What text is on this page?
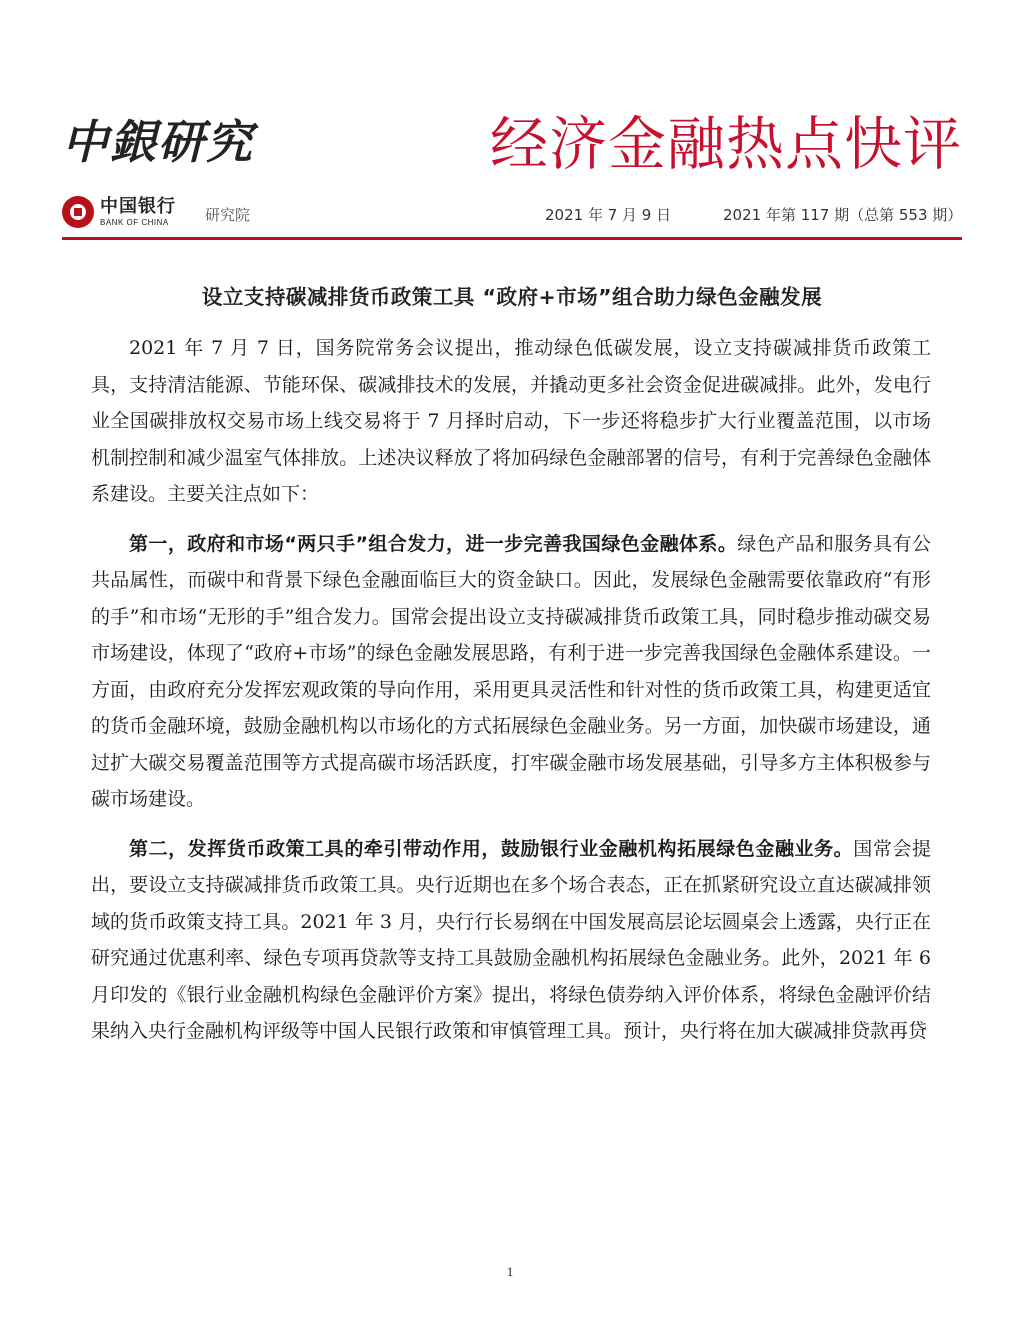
中銀研究	经济金融热点快评
中国银行
BANK OF CHINA	研究院	2021 年 7 月 9 日	2021 年第 117 期（总第 553 期）
设立支持碳减排货币政策工具 “政府+市场”组合助力绿色金融发展

2021 年 7 月 7 日，国务院常务会议提出，推动绿色低碳发展，设立支持碳减排货币政策工具，支持清洁能源、节能环保、碳减排技术的发展，并撬动更多社会资金促进碳减排。此外，发电行业全国碳排放权交易市场上线交易将于 7 月择时启动，下一步还将稳步扩大行业覆盖范围，以市场机制控制和减少温室气体排放。上述决议释放了将加码绿色金融部署的信号，有利于完善绿色金融体系建设。主要关注点如下：

第一，政府和市场“两只手”组合发力，进一步完善我国绿色金融体系。绿色产品和服务具有公共品属性，而碳中和背景下绿色金融面临巨大的资金缺口。因此，发展绿色金融需要依靠政府“有形的手”和市场“无形的手”组合发力。国常会提出设立支持碳减排货币政策工具，同时稳步推动碳交易市场建设，体现了“政府+市场”的绿色金融发展思路，有利于进一步完善我国绿色金融体系建设。一方面，由政府充分发挥宏观政策的导向作用，采用更具灵活性和针对性的货币政策工具，构建更适宜的货币金融环境，鼓励金融机构以市场化的方式拓展绿色金融业务。另一方面，加快碳市场建设，通过扩大碳交易覆盖范围等方式提高碳市场活跃度，打牢碳金融市场发展基础，引导多方主体积极参与碳市场建设。

第二，发挥货币政策工具的牵引带动作用，鼓励银行业金融机构拓展绿色金融业务。国常会提出，要设立支持碳减排货币政策工具。央行近期也在多个场合表态，正在抓紧研究设立直达碳减排领域的货币政策支持工具。2021 年 3 月，央行行长易纲在中国发展高层论坛圆桌会上透露，央行正在研究通过优惠利率、绿色专项再贷款等支持工具鼓励金融机构拓展绿色金融业务。此外，2021 年 6 月印发的《银行业金融机构绿色金融评价方案》提出，将绿色债券纳入评价体系，将绿色金融评价结果纳入央行金融机构评级等中国人民银行政策和审慎管理工具。预计，央行将在加大碳减排贷款再贷

1
